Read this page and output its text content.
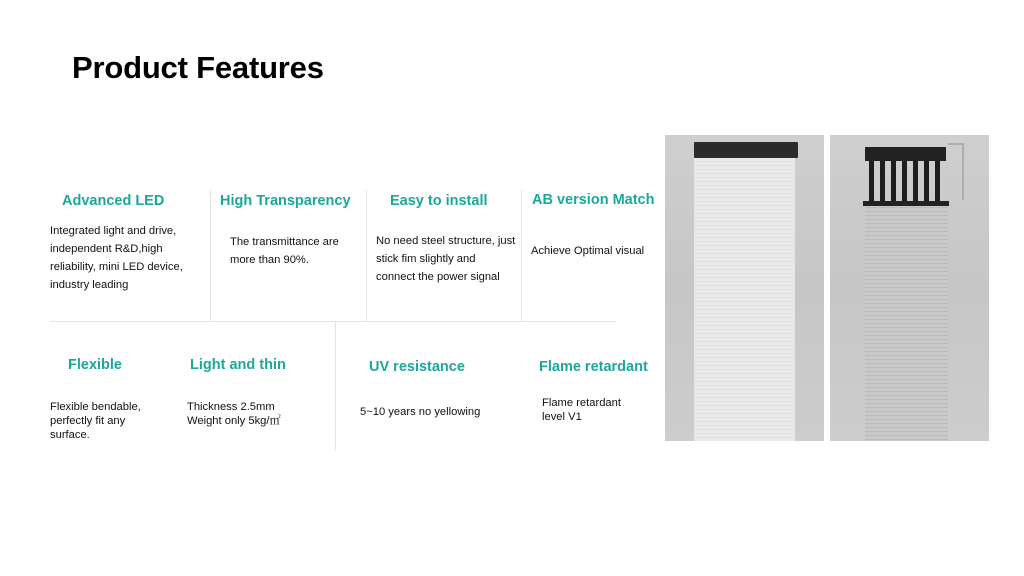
Product Features
Advanced LED
Integrated light and drive, independent R&D,high reliability, mini LED device, industry leading
High Transparency
The transmittance are more than 90%.
Easy to install
No need steel structure, just stick fim slightly and connect the power signal
AB version Match
Achieve Optimal visual
Flexible
Flexible bendable, perfectly fit any surface.
Light and thin
Thickness 2.5mm
Weight only 5kg/㎡
UV resistance
5~10 years no yellowing
Flame retardant
Flame retardant level V1
